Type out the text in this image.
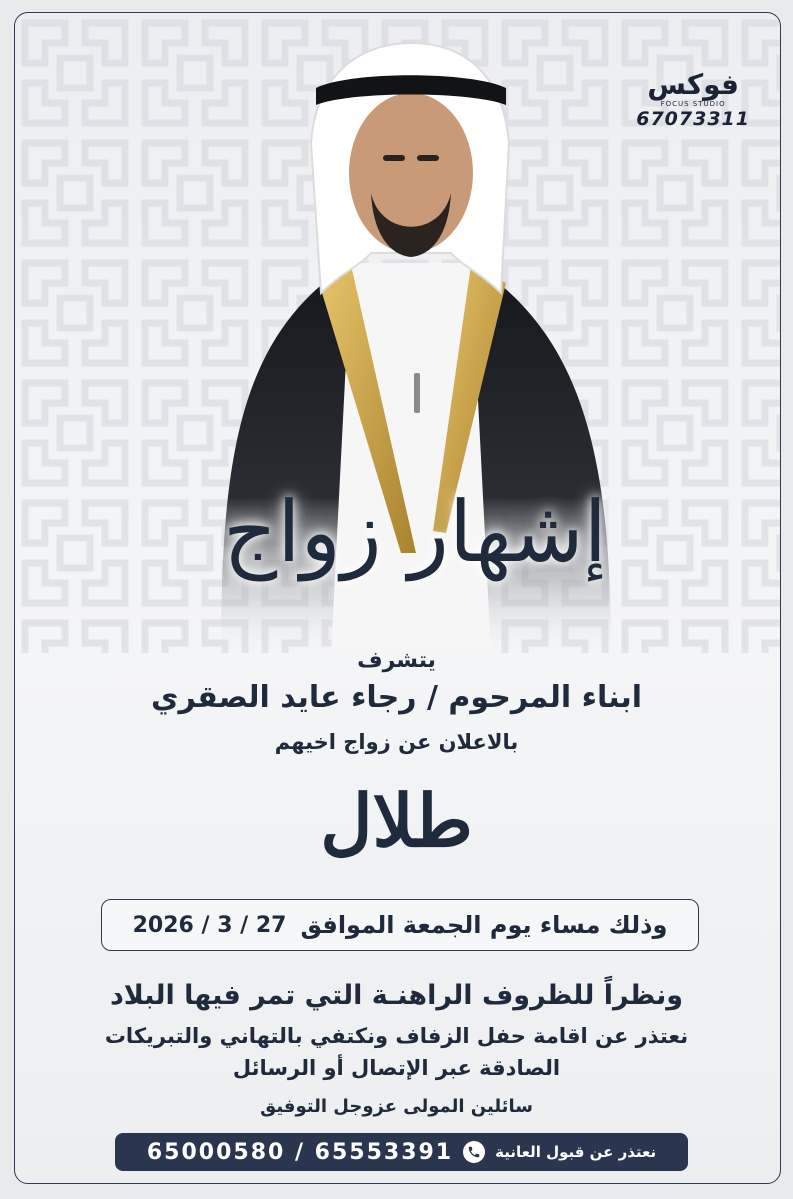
فوكس
FOCUS STUDIO
67073311
إشهار زواج
يتشرف
ابناء المرحوم / رجاء عايد الصقري
بالاعلان عن زواج اخيهم
طلال
وذلك مساء يوم الجمعة الموافق
2026 / 3 / 27
ونظراً للظروف الراهنـة التي تمر فيها البلاد
نعتذر عن اقامة حفل الزفاف ونكتفي بالتهاني والتبريكات
الصادقة عبر الإتصال أو الرسائل
سائلين المولى عزوجل التوفيق
نعتذر عن قبول العانية
65000580 / 65553391
